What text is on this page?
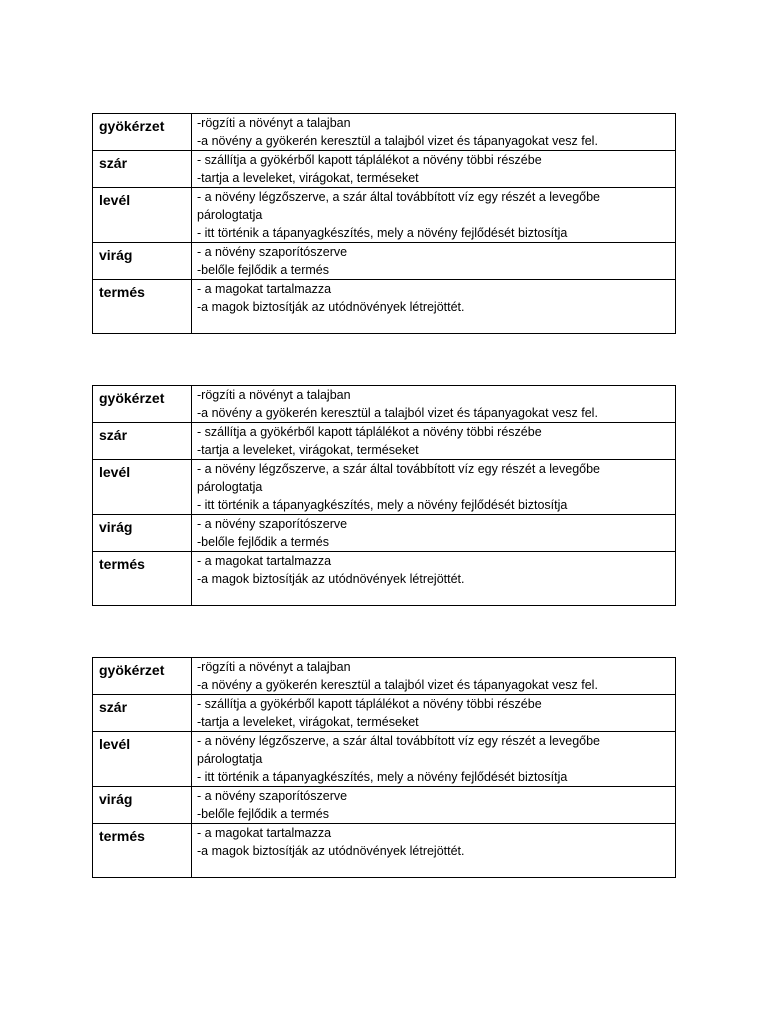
gyökérzet	-rögzíti a növényt a talajban
-a növény a gyökerén keresztül a talajból vizet és tápanyagokat vesz fel.

szár	- szállítja a gyökérből kapott táplálékot a növény többi részébe
-tartja a leveleket, virágokat, terméseket

levél	- a növény légzőszerve, a szár által továbbított víz egy részét a levegőbe
párologtatja
- itt történik a tápanyagkészítés, mely a növény fejlődését biztosítja

virág	- a növény szaporítószerve
-belőle fejlődik a termés

termés	- a magokat tartalmazza
-a magok biztosítják az utódnövények létrejöttét.
gyökérzet	-rögzíti a növényt a talajban
-a növény a gyökerén keresztül a talajból vizet és tápanyagokat vesz fel.

szár	- szállítja a gyökérből kapott táplálékot a növény többi részébe
-tartja a leveleket, virágokat, terméseket

levél	- a növény légzőszerve, a szár által továbbított víz egy részét a levegőbe
párologtatja
- itt történik a tápanyagkészítés, mely a növény fejlődését biztosítja

virág	- a növény szaporítószerve
-belőle fejlődik a termés

termés	- a magokat tartalmazza
-a magok biztosítják az utódnövények létrejöttét.
gyökérzet	-rögzíti a növényt a talajban
-a növény a gyökerén keresztül a talajból vizet és tápanyagokat vesz fel.

szár	- szállítja a gyökérből kapott táplálékot a növény többi részébe
-tartja a leveleket, virágokat, terméseket

levél	- a növény légzőszerve, a szár által továbbított víz egy részét a levegőbe
párologtatja
- itt történik a tápanyagkészítés, mely a növény fejlődését biztosítja

virág	- a növény szaporítószerve
-belőle fejlődik a termés

termés	- a magokat tartalmazza
-a magok biztosítják az utódnövények létrejöttét.
